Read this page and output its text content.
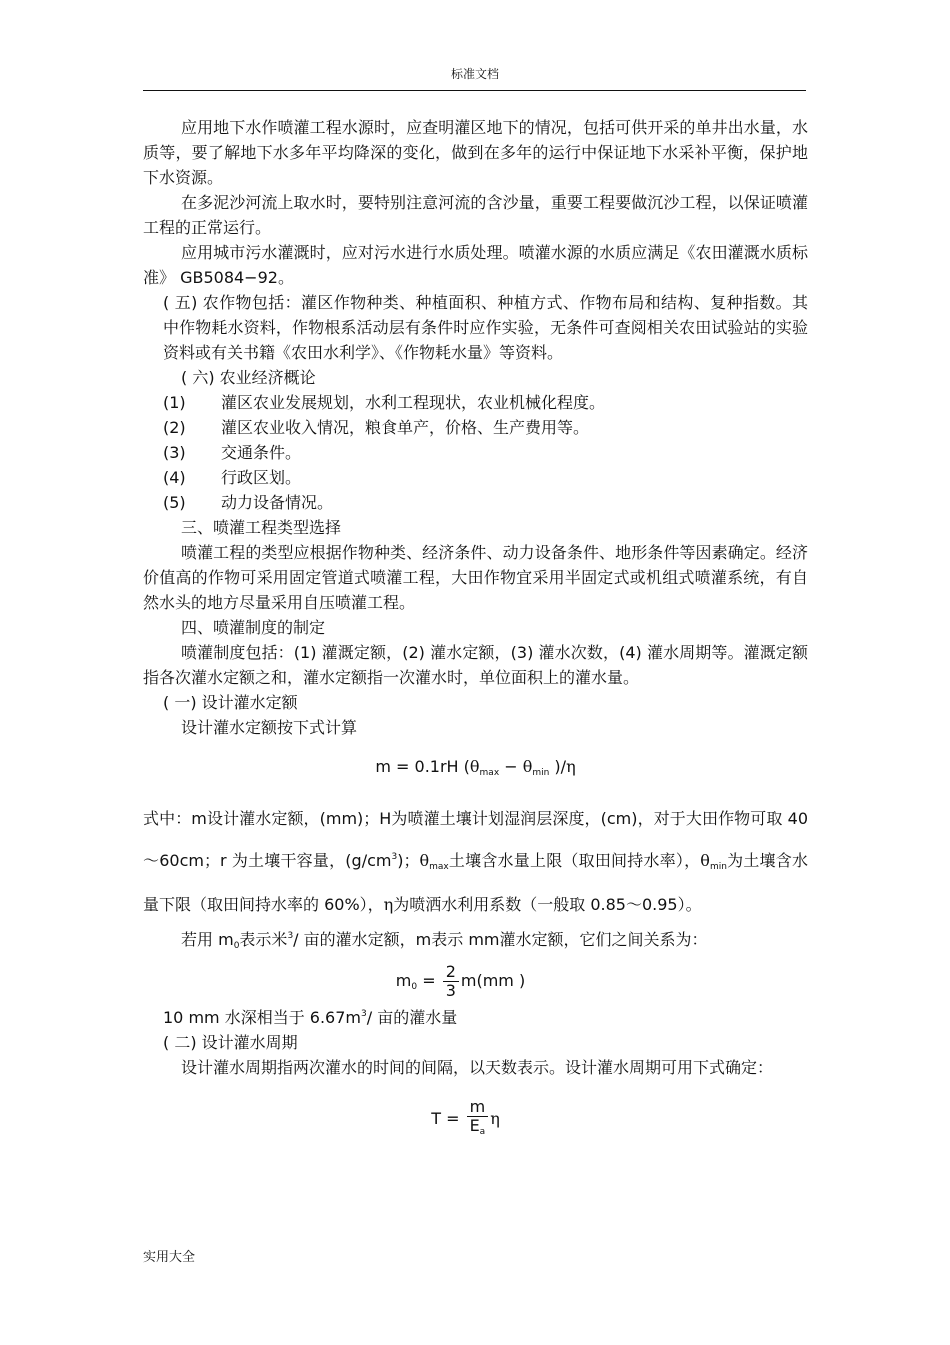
标准文档

应用地下水作喷灌工程水源时，应查明灌区地下的情况，包括可供开采的单井出水量，水质等，要了解地下水多年平均降深的变化，做到在多年的运行中保证地下水采补平衡，保护地下水资源。

在多泥沙河流上取水时，要特别注意河流的含沙量，重要工程要做沉沙工程，以保证喷灌工程的正常运行。

应用城市污水灌溉时，应对污水进行水质处理。喷灌水源的水质应满足《农田灌溉水质标准》 GB5084−92。

( 五) 农作物包括：灌区作物种类、种植面积、种植方式、作物布局和结构、复种指数。其中作物耗水资料，作物根系活动层有条件时应作实验，无条件可查阅相关农田试验站的实验资料或有关书籍《农田水利学》、《作物耗水量》等资料。

( 六) 农业经济概论

(1)	灌区农业发展规划，水利工程现状，农业机械化程度。
(2)	灌区农业收入情况，粮食单产，价格、生产费用等。
(3)	交通条件。
(4)	行政区划。
(5)	动力设备情况。

三、喷灌工程类型选择

喷灌工程的类型应根据作物种类、经济条件、动力设备条件、地形条件等因素确定。经济价值高的作物可采用固定管道式喷灌工程，大田作物宜采用半固定式或机组式喷灌系统，有自然水头的地方尽量采用自压喷灌工程。

四、喷灌制度的制定

喷灌制度包括：(1) 灌溉定额，(2) 灌水定额，(3) 灌水次数，(4) 灌水周期等。灌溉定额指各次灌水定额之和，灌水定额指一次灌水时，单位面积上的灌水量。

( 一) 设计灌水定额

设计灌水定额按下式计算

m = 0.1rH ($\theta_{max} - \theta_{min}$ )/η

式中：m设计灌水定额，(mm)；H为喷灌土壤计划湿润层深度，(cm)，对于大田作物可取 40～60cm；r 为土壤干容量，$(g/cm^3)$；$\theta_{max}$土壤含水量上限（取田间持水率），$\theta_{min}$为土壤含水量下限（取田间持水率的 60%），η为喷洒水利用系数（一般取 0.85～0.95）。

若用 $m_0$表示米$^3$/ 亩的灌水定额，m表示 mm灌水定额，它们之间关系为：

$m_0 = \frac{2}{3} m(mm$ )

10 mm 水深相当于 $6.67m^3/$ 亩的灌水量

( 二) 设计灌水周期

设计灌水周期指两次灌水的时间的间隔，以天数表示。设计灌水周期可用下式确定：

$T = \frac{m}{E_a}$ η
实用大全
